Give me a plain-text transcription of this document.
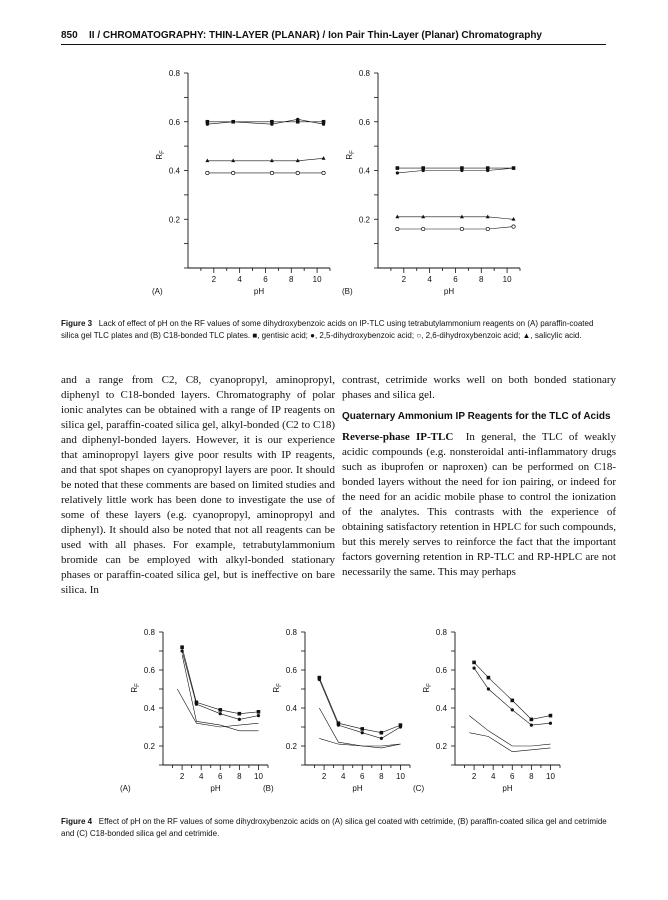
850 II / CHROMATOGRAPHY: THIN-LAYER (PLANAR) / Ion Pair Thin-Layer (Planar) Chromatography
0.2
0.4
0.6
0.8
2	4	6	8 10
pH
$R_F$
(A)
0.2
0.4
0.6
0.8
2	4	6	8 10
pH
$R_F$
(B)
Figure 3 Lack of effect of pH on the RF values of some dihydroxybenzoic acids on IP-TLC using tetrabutylammonium reagents on (A) paraffin-coated silica gel TLC plates and (B) C18-bonded TLC plates. ■, gentisic acid; ●, 2,5-dihydroxybenzoic acid; ○, 2,6-dihydroxybenzoic acid; ▲, salicylic acid.

and a range from C2, C8, cyanopropyl, aminopropyl, diphenyl to C18-bonded layers. Chromatography of polar ionic analytes can be obtained with a range of IP reagents on silica gel, paraffin-coated silica gel, alkyl-bonded (C2 to C18) and diphenyl-bonded layers. However, it is our experience that aminopropyl layers give poor results with IP reagents, and that spot shapes on cyanopropyl layers are poor. It should be noted that these comments are based on limited studies and relatively little work has been done to investigate the use of some of these layers (e.g. cyanopropyl, aminopropyl and diphenyl). It should also be noted that not all reagents can be used with all phases. For example, tetrabutylammonium bromide can be employed with alkyl-bonded stationary phases or paraffin-coated silica gel, but is ineffective on bare silica. In

contrast, cetrimide works well on both bonded stationary phases and silica gel.

Quaternary Ammonium IP Reagents for the TLC of Acids

Reverse-phase IP-TLC In general, the TLC of weakly acidic compounds (e.g. nonsteroidal anti-inflammatory drugs such as ibuprofen or naproxen) can be performed on C18-bonded layers without the need for ion pairing, or indeed for the need for an acidic mobile phase to control the ionization of the analytes. This contrasts with the experience of obtaining satisfactory retention in HPLC for such compounds, but this merely serves to reinforce the fact that the important factors governing retention in RP-TLC and RP-HPLC are not necessarily the same. This may perhaps

0.2
0.4
0.6
0.8
2 4 6 8 10
pH
$R_F$
(A)
0.2
0.4
0.6
0.8
2 4 6 8 10
pH
$R_F$
(B)
0.2
0.4
0.6
0.8
2 4 6 8 10
pH
$R_F$
(C)
Figure 4 Effect of pH on the RF values of some dihydroxybenzoic acids on (A) silica gel coated with cetrimide, (B) paraffin-coated silica gel and cetrimide and (C) C18-bonded silica gel and cetrimide.
